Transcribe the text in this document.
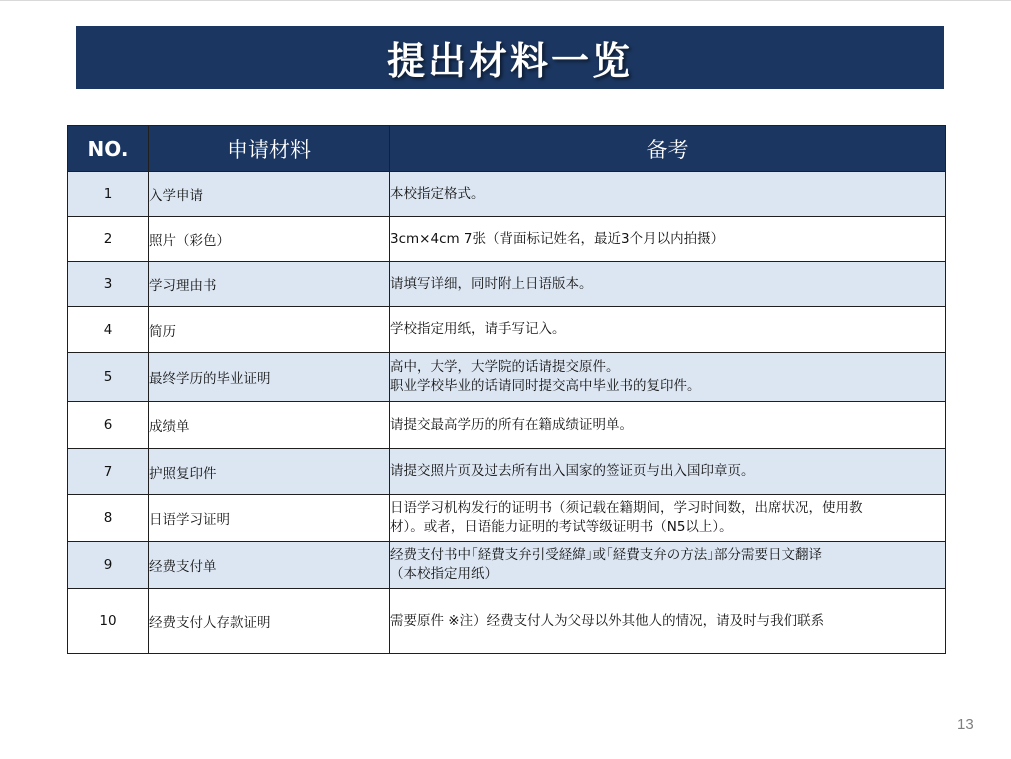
提出材料一览
NO.	申请材料	备考
1	入学申请	本校指定格式。

2	照片（彩色）	3cm×4cm 7张（背面标记姓名，最近3个月以内拍摄）

3	学习理由书	请填写详细，同时附上日语版本。

4	简历	学校指定用纸，请手写记入。

5	最终学历的毕业证明	高中，大学，大学院的话请提交原件。
职业学校毕业的话请同时提交高中毕业书的复印件。

6	成绩单	请提交最高学历的所有在籍成绩证明单。

7	护照复印件	请提交照片页及过去所有出入国家的签证页与出入国印章页。

8	日语学习证明	日语学习机构发行的证明书（须记载在籍期间，学习时间数，出席状况，使用教
材）。或者，日语能力证明的考试等级证明书（N5以上）。

9	经费支付单	经费支付书中｢経費支弁引受経緯｣或｢経費支弁の方法｣部分需要日文翻译
（本校指定用纸）

10	经费支付人存款证明	需要原件 ※注）经费支付人为父母以外其他人的情况，请及时与我们联系
13
